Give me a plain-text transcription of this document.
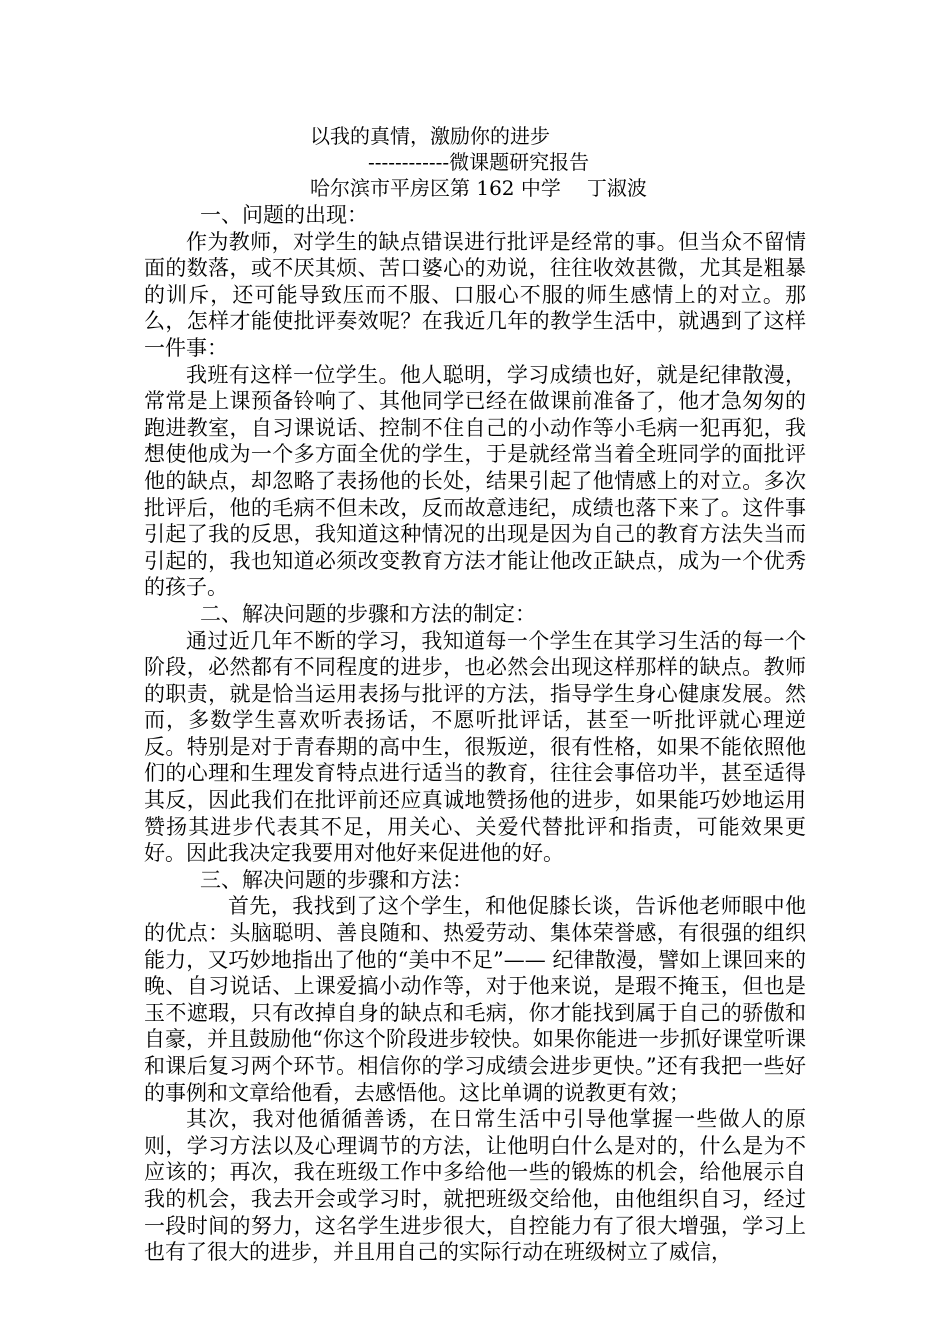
以我的真情，激励你的进步
------------微课题研究报告
哈尔滨市平房区第 162 中学 丁淑波

一、问题的出现：

作为教师，对学生的缺点错误进行批评是经常的事。但当众不留情面的数落，或不厌其烦、苦口婆心的劝说，往往收效甚微，尤其是粗暴的训斥，还可能导致压而不服、口服心不服的师生感情上的对立。那么，怎样才能使批评奏效呢？在我近几年的教学生活中，就遇到了这样一件事：

我班有这样一位学生。他人聪明，学习成绩也好，就是纪律散漫，常常是上课预备铃响了、其他同学已经在做课前准备了，他才急匆匆的跑进教室，自习课说话、控制不住自己的小动作等小毛病一犯再犯，我想使他成为一个多方面全优的学生，于是就经常当着全班同学的面批评他的缺点，却忽略了表扬他的长处，结果引起了他情感上的对立。多次批评后，他的毛病不但未改，反而故意违纪，成绩也落下来了。这件事引起了我的反思，我知道这种情况的出现是因为自己的教育方法失当而引起的，我也知道必须改变教育方法才能让他改正缺点，成为一个优秀的孩子。

二、解决问题的步骤和方法的制定：

通过近几年不断的学习，我知道每一个学生在其学习生活的每一个阶段，必然都有不同程度的进步，也必然会出现这样那样的缺点。教师的职责，就是恰当运用表扬与批评的方法，指导学生身心健康发展。然而，多数学生喜欢听表扬话，不愿听批评话，甚至一听批评就心理逆反。特别是对于青春期的高中生，很叛逆，很有性格，如果不能依照他们的心理和生理发育特点进行适当的教育，往往会事倍功半，甚至适得其反，因此我们在批评前还应真诚地赞扬他的进步，如果能巧妙地运用赞扬其进步代表其不足，用关心、关爱代替批评和指责，可能效果更好。因此我决定我要用对他好来促进他的好。

三、解决问题的步骤和方法：

首先，我找到了这个学生，和他促膝长谈，告诉他老师眼中他的优点：头脑聪明、善良随和、热爱劳动、集体荣誉感，有很强的组织能力，又巧妙地指出了他的“美中不足”—— 纪律散漫，譬如上课回来的晚、自习说话、上课爱搞小动作等，对于他来说，是瑕不掩玉，但也是玉不遮瑕，只有改掉自身的缺点和毛病，你才能找到属于自己的骄傲和自豪，并且鼓励他“你这个阶段进步较快。如果你能进一步抓好课堂听课和课后复习两个环节。相信你的学习成绩会进步更快。”还有我把一些好的事例和文章给他看，去感悟他。这比单调的说教更有效；

其次，我对他循循善诱，在日常生活中引导他掌握一些做人的原则，学习方法以及心理调节的方法，让他明白什么是对的，什么是为不应该的；再次，我在班级工作中多给他一些的锻炼的机会，给他展示自我的机会，我去开会或学习时，就把班级交给他，由他组织自习，经过一段时间的努力，这名学生进步很大，自控能力有了很大增强，学习上也有了很大的进步，并且用自己的实际行动在班级树立了威信，
